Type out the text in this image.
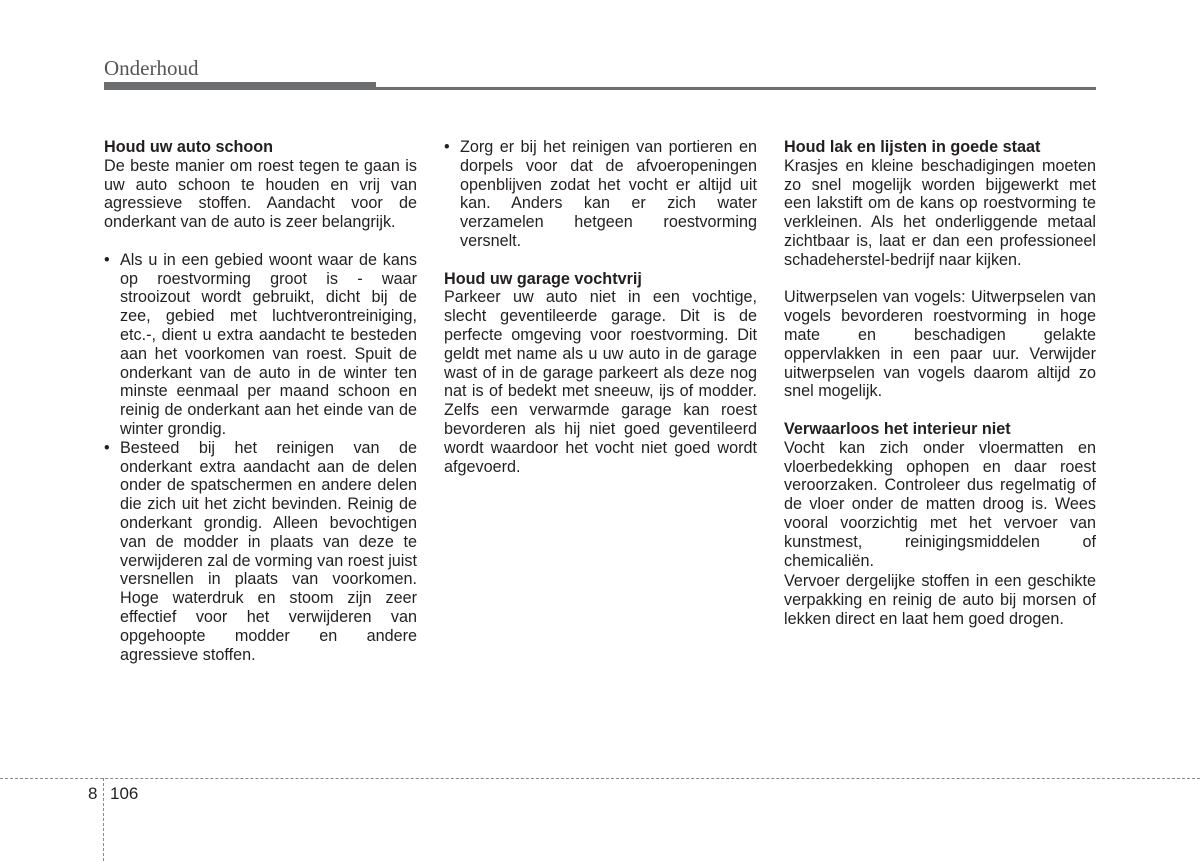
Onderhoud

Houd uw auto schoon

De beste manier om roest tegen te gaan is uw auto schoon te houden en vrij van agressieve stoffen. Aandacht voor de onderkant van de auto is zeer belangrijk.

• Als u in een gebied woont waar de kans op roestvorming groot is - waar strooizout wordt gebruikt, dicht bij de zee, gebied met luchtverontreiniging, etc.-, dient u extra aandacht te besteden aan het voorkomen van roest. Spuit de onderkant van de auto in de winter ten minste eenmaal per maand schoon en reinig de onderkant aan het einde van de winter grondig.
• Besteed bij het reinigen van de onderkant extra aandacht aan de delen onder de spatschermen en andere delen die zich uit het zicht bevinden. Reinig de onderkant grondig. Alleen bevochtigen van de modder in plaats van deze te verwijderen zal de vorming van roest juist versnellen in plaats van voorkomen. Hoge waterdruk en stoom zijn zeer effectief voor het verwijderen van opgehoopte modder en andere agressieve stoffen.
• Zorg er bij het reinigen van portieren en dorpels voor dat de afvoeropeningen openblijven zodat het vocht er altijd uit kan. Anders kan er zich water verzamelen hetgeen roestvorming versnelt.

Houd uw garage vochtvrij

Parkeer uw auto niet in een vochtige, slecht geventileerde garage. Dit is de perfecte omgeving voor roestvorming. Dit geldt met name als u uw auto in de garage wast of in de garage parkeert als deze nog nat is of bedekt met sneeuw, ijs of modder. Zelfs een verwarmde garage kan roest bevorderen als hij niet goed geventileerd wordt waardoor het vocht niet goed wordt afgevoerd.

Houd lak en lijsten in goede staat

Krasjes en kleine beschadigingen moeten zo snel mogelijk worden bijgewerkt met een lakstift om de kans op roestvorming te verkleinen. Als het onderliggende metaal zichtbaar is, laat er dan een professioneel schadeherstel-bedrijf naar kijken.

Uitwerpselen van vogels: Uitwerpselen van vogels bevorderen roestvorming in hoge mate en beschadigen gelakte oppervlakken in een paar uur. Verwijder uitwerpselen van vogels daarom altijd zo snel mogelijk.

Verwaarloos het interieur niet

Vocht kan zich onder vloermatten en vloerbedekking ophopen en daar roest veroorzaken. Controleer dus regelmatig of de vloer onder de matten droog is. Wees vooral voorzichtig met het vervoer van kunstmest, reinigingsmiddelen of chemicaliën.

Vervoer dergelijke stoffen in een geschikte verpakking en reinig de auto bij morsen of lekken direct en laat hem goed drogen.

8 106
